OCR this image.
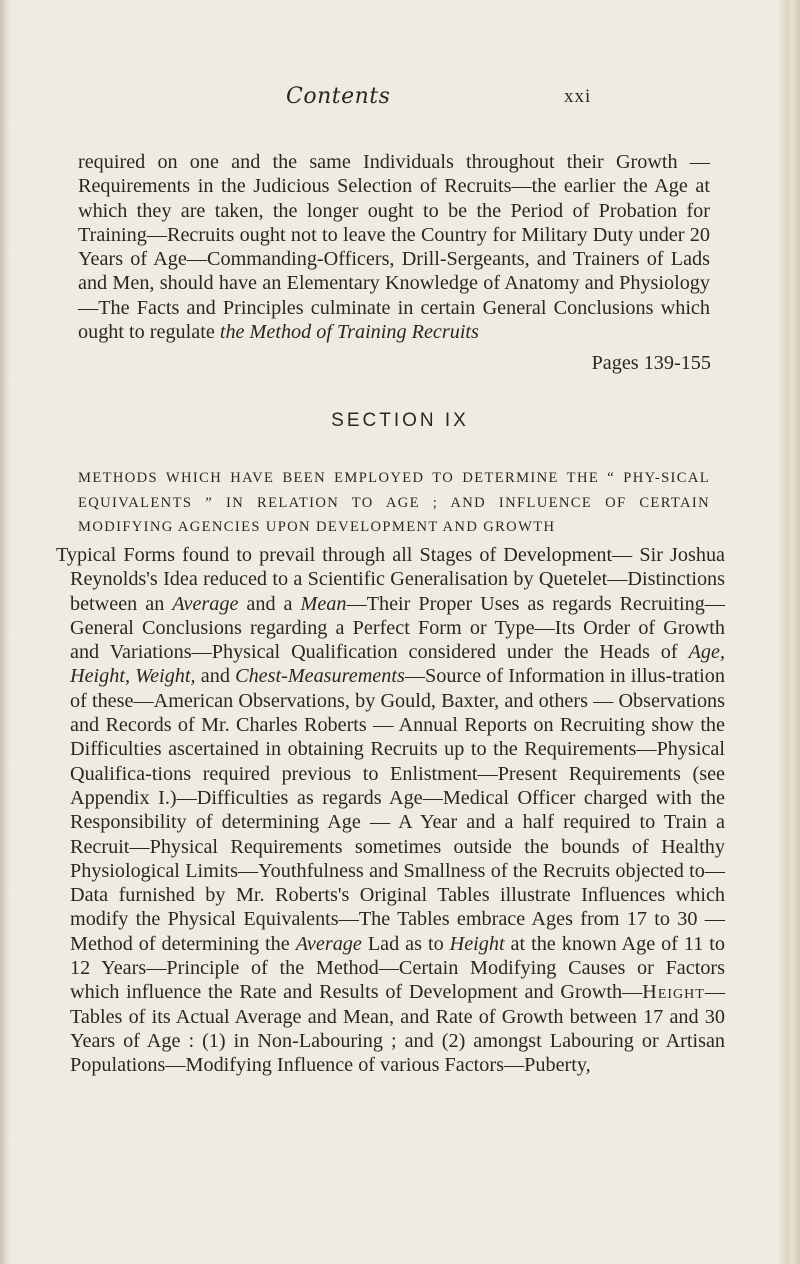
Contents	xxi
required on one and the same Individuals throughout their Growth —Requirements in the Judicious Selection of Recruits—the earlier the Age at which they are taken, the longer ought to be the Period of Probation for Training—Recruits ought not to leave the Country for Military Duty under 20 Years of Age—Commanding-Officers, Drill-Sergeants, and Trainers of Lads and Men, should have an Elementary Knowledge of Anatomy and Physiology—The Facts and Principles culminate in certain General Conclusions which ought to regulate the Method of Training Recruits
Pages 139-155
SECTION IX
METHODS WHICH HAVE BEEN EMPLOYED TO DETERMINE THE “ PHY-SICAL EQUIVALENTS ” IN RELATION TO AGE ; AND INFLUENCE OF CERTAIN MODIFYING AGENCIES UPON DEVELOPMENT AND GROWTH
Typical Forms found to prevail through all Stages of Development— Sir Joshua Reynolds's Idea reduced to a Scientific Generalisation by Quetelet—Distinctions between an Average and a Mean—Their Proper Uses as regards Recruiting—General Conclusions regarding a Perfect Form or Type—Its Order of Growth and Variations—Physical Qualification considered under the Heads of Age, Height, Weight, and Chest-Measurements—Source of Information in illus-tration of these—American Observations, by Gould, Baxter, and others — Observations and Records of Mr. Charles Roberts — Annual Reports on Recruiting show the Difficulties ascertained in obtaining Recruits up to the Requirements—Physical Qualifica-tions required previous to Enlistment—Present Requirements (see Appendix I.)—Difficulties as regards Age—Medical Officer charged with the Responsibility of determining Age — A Year and a half required to Train a Recruit—Physical Requirements sometimes outside the bounds of Healthy Physiological Limits—Youthfulness and Smallness of the Recruits objected to—Data furnished by Mr. Roberts's Original Tables illustrate Influences which modify the Physical Equivalents—The Tables embrace Ages from 17 to 30 —Method of determining the Average Lad as to Height at the known Age of 11 to 12 Years—Principle of the Method—Certain Modifying Causes or Factors which influence the Rate and Results of Development and Growth—Height—Tables of its Actual Average and Mean, and Rate of Growth between 17 and 30 Years of Age : (1) in Non-Labouring ; and (2) amongst Labouring or Artisan Populations—Modifying Influence of various Factors—Puberty,
